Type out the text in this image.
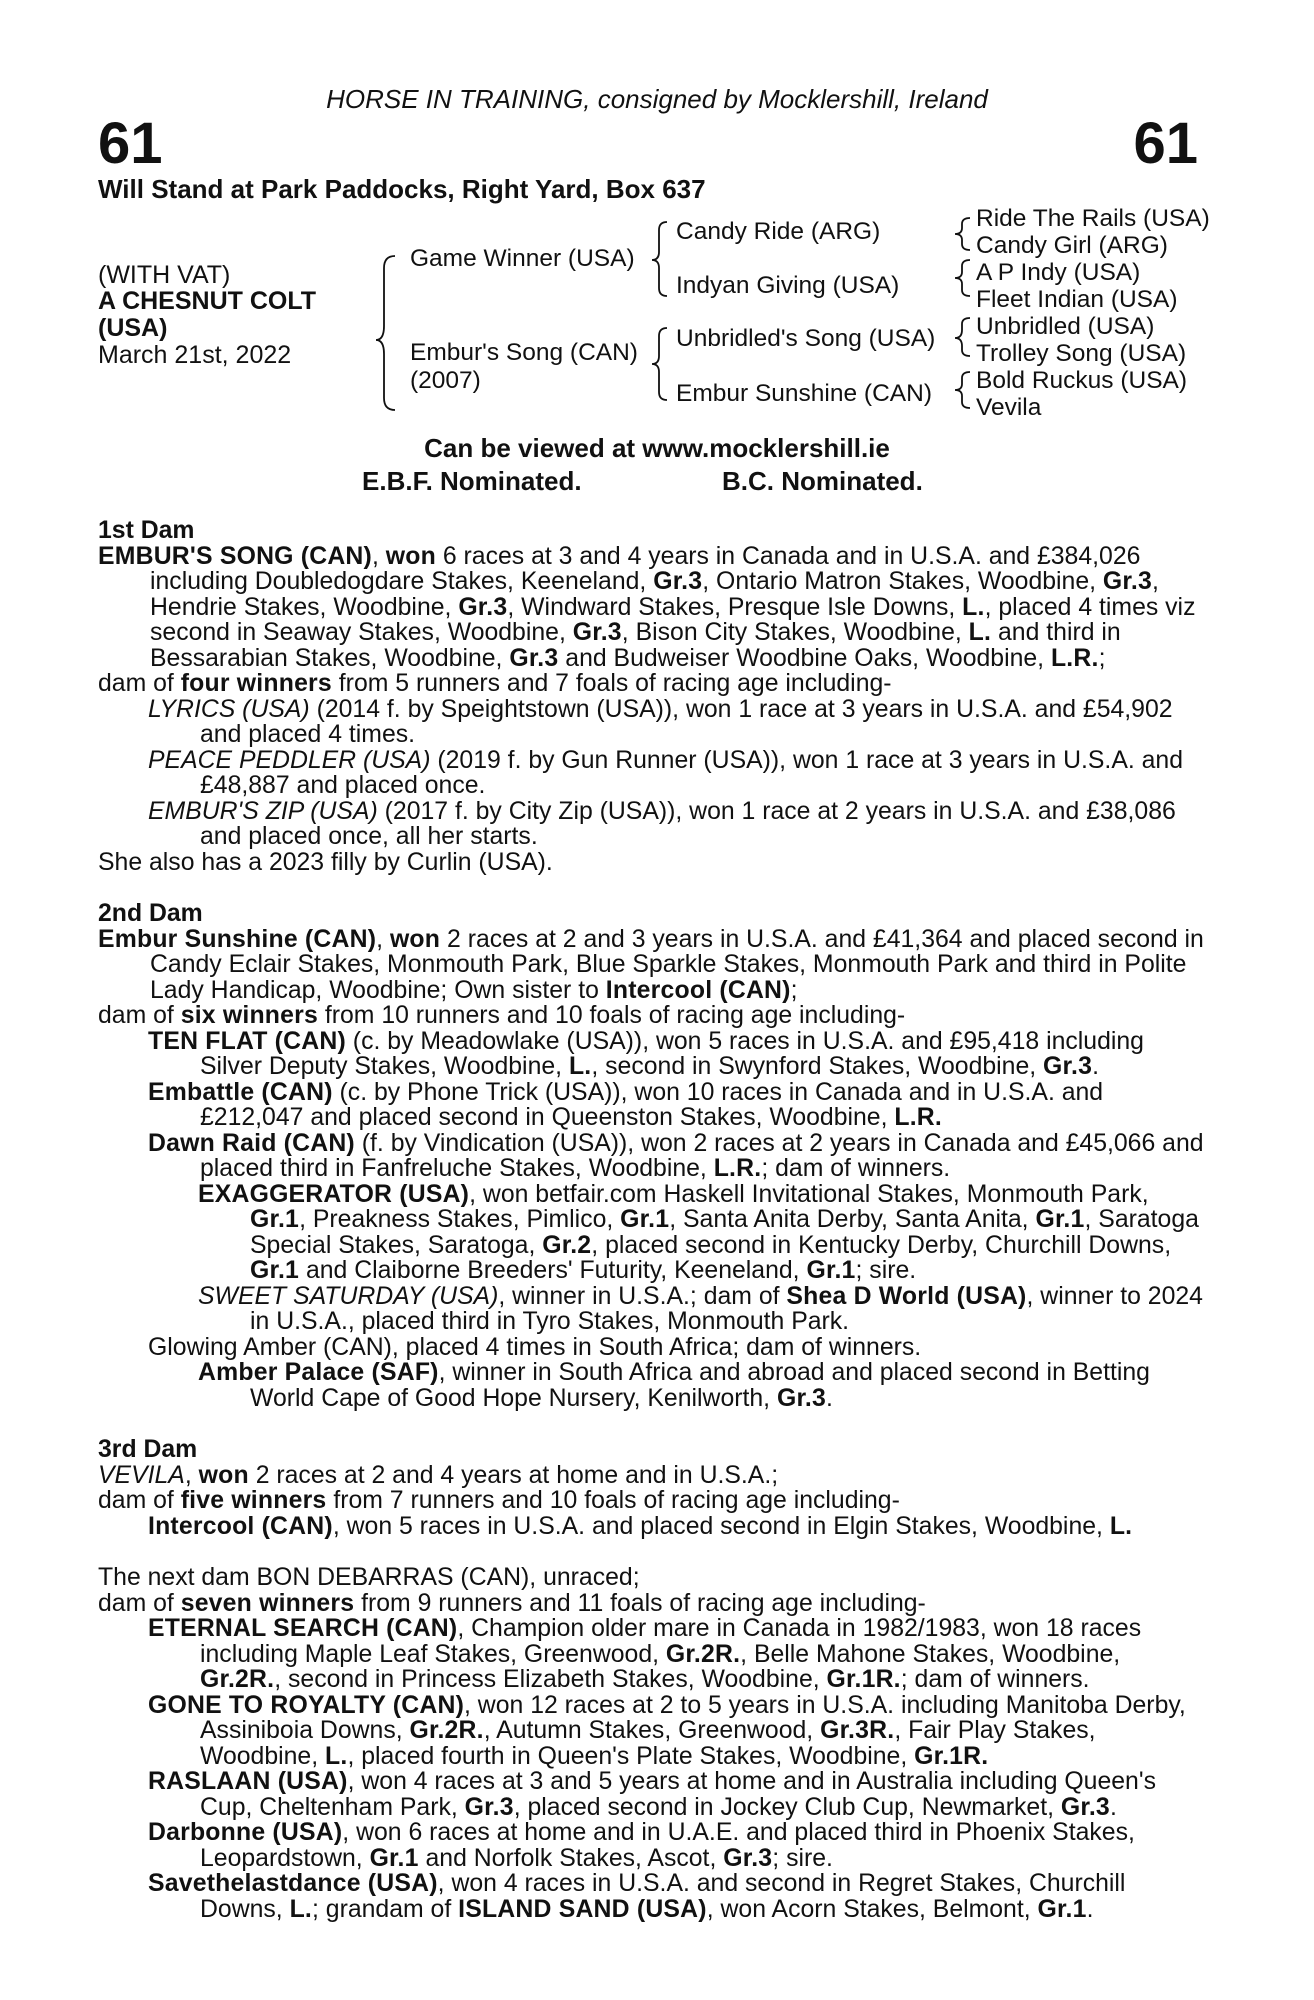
HORSE IN TRAINING, consigned by Mocklershill, Ireland
61	61
Will Stand at Park Paddocks, Right Yard, Box 637
(WITH VAT)
A CHESNUT COLT
(USA)
March 21st, 2022
Game Winner (USA)
Embur's Song (CAN)
(2007)
Candy Ride (ARG)
Indyan Giving (USA)
Unbridled's Song (USA)
Embur Sunshine (CAN)
Ride The Rails (USA)
Candy Girl (ARG)
A P Indy (USA)
Fleet Indian (USA)
Unbridled (USA)
Trolley Song (USA)
Bold Ruckus (USA)
Vevila
Can be viewed at www.mocklershill.ie
E.B.F. Nominated.	B.C. Nominated.
1st Dam
EMBUR'S SONG (CAN), won 6 races at 3 and 4 years in Canada and in U.S.A. and £384,026 including Doubledogdare Stakes, Keeneland, Gr.3, Ontario Matron Stakes, Woodbine, Gr.3, Hendrie Stakes, Woodbine, Gr.3, Windward Stakes, Presque Isle Downs, L., placed 4 times viz second in Seaway Stakes, Woodbine, Gr.3, Bison City Stakes, Woodbine, L. and third in Bessarabian Stakes, Woodbine, Gr.3 and Budweiser Woodbine Oaks, Woodbine, L.R.;
dam of four winners from 5 runners and 7 foals of racing age including-
LYRICS (USA) (2014 f. by Speightstown (USA)), won 1 race at 3 years in U.S.A. and £54,902 and placed 4 times.
PEACE PEDDLER (USA) (2019 f. by Gun Runner (USA)), won 1 race at 3 years in U.S.A. and £48,887 and placed once.
EMBUR'S ZIP (USA) (2017 f. by City Zip (USA)), won 1 race at 2 years in U.S.A. and £38,086 and placed once, all her starts.
She also has a 2023 filly by Curlin (USA).
2nd Dam
Embur Sunshine (CAN), won 2 races at 2 and 3 years in U.S.A. and £41,364 and placed second in Candy Eclair Stakes, Monmouth Park, Blue Sparkle Stakes, Monmouth Park and third in Polite Lady Handicap, Woodbine; Own sister to Intercool (CAN);
dam of six winners from 10 runners and 10 foals of racing age including-
TEN FLAT (CAN) (c. by Meadowlake (USA)), won 5 races in U.S.A. and £95,418 including Silver Deputy Stakes, Woodbine, L., second in Swynford Stakes, Woodbine, Gr.3.
Embattle (CAN) (c. by Phone Trick (USA)), won 10 races in Canada and in U.S.A. and £212,047 and placed second in Queenston Stakes, Woodbine, L.R.
Dawn Raid (CAN) (f. by Vindication (USA)), won 2 races at 2 years in Canada and £45,066 and placed third in Fanfreluche Stakes, Woodbine, L.R.; dam of winners.
EXAGGERATOR (USA), won betfair.com Haskell Invitational Stakes, Monmouth Park, Gr.1, Preakness Stakes, Pimlico, Gr.1, Santa Anita Derby, Santa Anita, Gr.1, Saratoga Special Stakes, Saratoga, Gr.2, placed second in Kentucky Derby, Churchill Downs, Gr.1 and Claiborne Breeders' Futurity, Keeneland, Gr.1; sire.
SWEET SATURDAY (USA), winner in U.S.A.; dam of Shea D World (USA), winner to 2024 in U.S.A., placed third in Tyro Stakes, Monmouth Park.
Glowing Amber (CAN), placed 4 times in South Africa; dam of winners.
Amber Palace (SAF), winner in South Africa and abroad and placed second in Betting World Cape of Good Hope Nursery, Kenilworth, Gr.3.
3rd Dam
VEVILA, won 2 races at 2 and 4 years at home and in U.S.A.;
dam of five winners from 7 runners and 10 foals of racing age including-
Intercool (CAN), won 5 races in U.S.A. and placed second in Elgin Stakes, Woodbine, L.
The next dam BON DEBARRAS (CAN), unraced;
dam of seven winners from 9 runners and 11 foals of racing age including-
ETERNAL SEARCH (CAN), Champion older mare in Canada in 1982/1983, won 18 races including Maple Leaf Stakes, Greenwood, Gr.2R., Belle Mahone Stakes, Woodbine, Gr.2R., second in Princess Elizabeth Stakes, Woodbine, Gr.1R.; dam of winners.
GONE TO ROYALTY (CAN), won 12 races at 2 to 5 years in U.S.A. including Manitoba Derby, Assiniboia Downs, Gr.2R., Autumn Stakes, Greenwood, Gr.3R., Fair Play Stakes, Woodbine, L., placed fourth in Queen's Plate Stakes, Woodbine, Gr.1R.
RASLAAN (USA), won 4 races at 3 and 5 years at home and in Australia including Queen's Cup, Cheltenham Park, Gr.3, placed second in Jockey Club Cup, Newmarket, Gr.3.
Darbonne (USA), won 6 races at home and in U.A.E. and placed third in Phoenix Stakes, Leopardstown, Gr.1 and Norfolk Stakes, Ascot, Gr.3; sire.
Savethelastdance (USA), won 4 races in U.S.A. and second in Regret Stakes, Churchill Downs, L.; grandam of ISLAND SAND (USA), won Acorn Stakes, Belmont, Gr.1.
